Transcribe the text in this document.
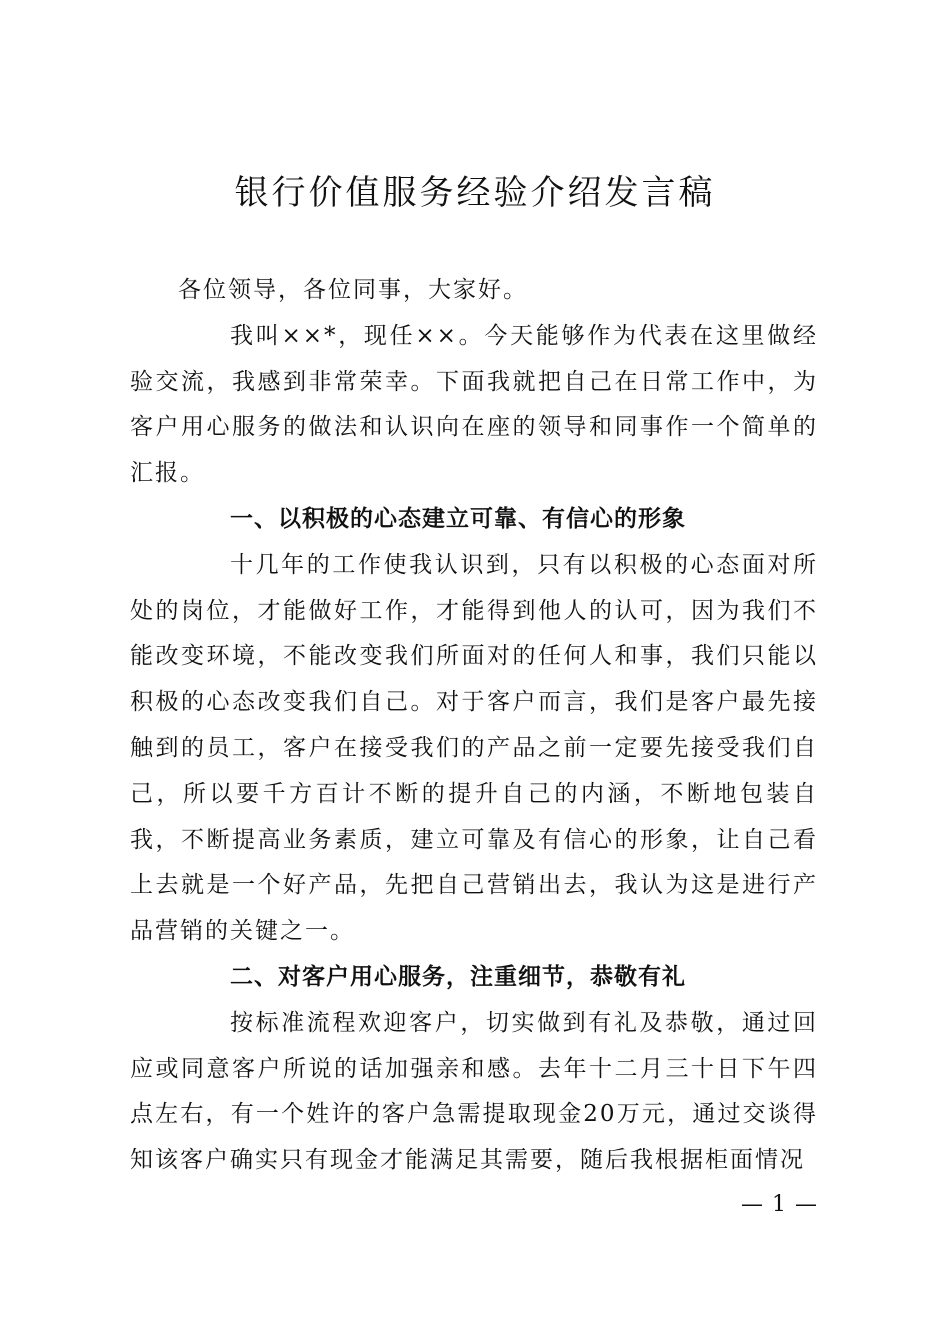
银行价值服务经验介绍发言稿

各位领导，各位同事，大家好。

我叫××*，现任××。今天能够作为代表在这里做经验交流，我感到非常荣幸。下面我就把自己在日常工作中，为客户用心服务的做法和认识向在座的领导和同事作一个简单的汇报。

一、以积极的心态建立可靠、有信心的形象

十几年的工作使我认识到，只有以积极的心态面对所处的岗位，才能做好工作，才能得到他人的认可，因为我们不能改变环境，不能改变我们所面对的任何人和事，我们只能以积极的心态改变我们自己。对于客户而言，我们是客户最先接触到的员工，客户在接受我们的产品之前一定要先接受我们自己，所以要千方百计不断的提升自己的内涵，不断地包装自我，不断提高业务素质，建立可靠及有信心的形象，让自己看上去就是一个好产品，先把自己营销出去，我认为这是进行产品营销的关键之一。

二、对客户用心服务，注重细节，恭敬有礼

按标准流程欢迎客户，切实做到有礼及恭敬，通过回应或同意客户所说的话加强亲和感。去年十二月三十日下午四点左右，有一个姓许的客户急需提取现金20万元，通过交谈得知该客户确实只有现金才能满足其需要，随后我根据柜面情况

— 1 —
